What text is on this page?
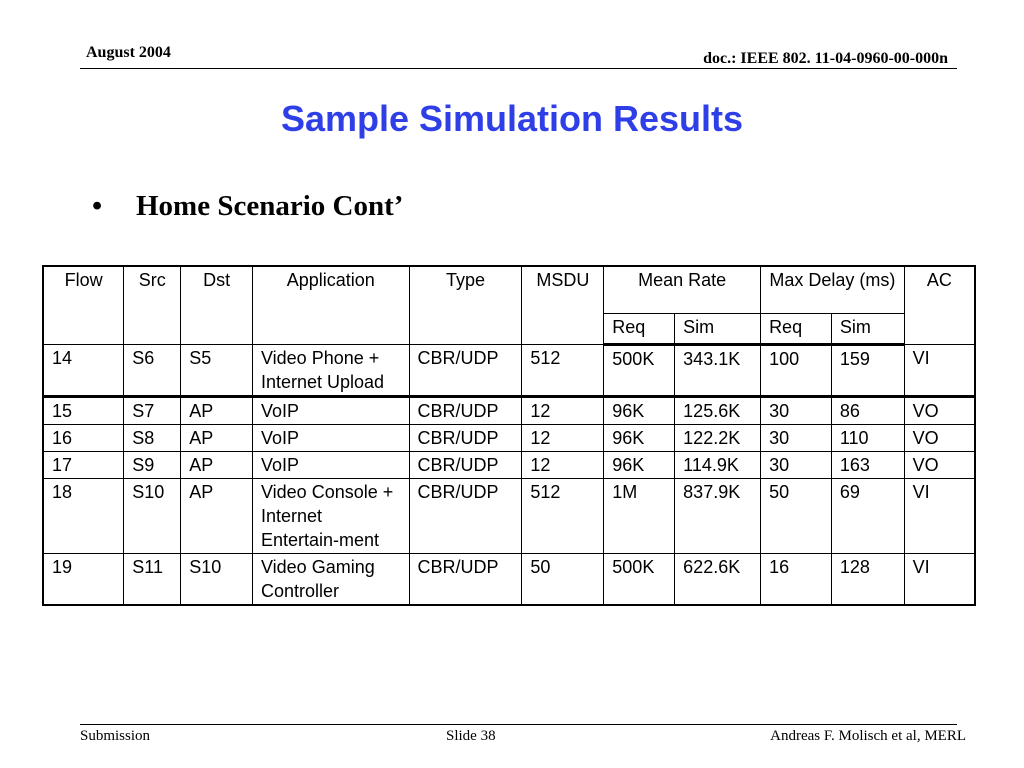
August 2004	doc.: IEEE 802. 11-04-0960-00-000n
Sample Simulation Results
• Home Scenario Cont’
Flow	Src	Dst	Application	Type	MSDU	Mean Rate		Max Delay (ms)		AC
						Req	Sim	Req	Sim	
14	S6	S5	Video Phone + Internet Upload	CBR/UDP	512	500K	343.1K	100	159	VI
15	S7	AP	VoIP	CBR/UDP	12	96K	125.6K	30	86	VO
16	S8	AP	VoIP	CBR/UDP	12	96K	122.2K	30	110	VO
17	S9	AP	VoIP	CBR/UDP	12	96K	114.9K	30	163	VO
18	S10	AP	Video Console + Internet Entertain-ment	CBR/UDP	512	1M	837.9K	50	69	VI
19	S11	S10	Video Gaming Controller	CBR/UDP	50	500K	622.6K	16	128	VI
Submission	Slide 38	Andreas F. Molisch et al, MERL
